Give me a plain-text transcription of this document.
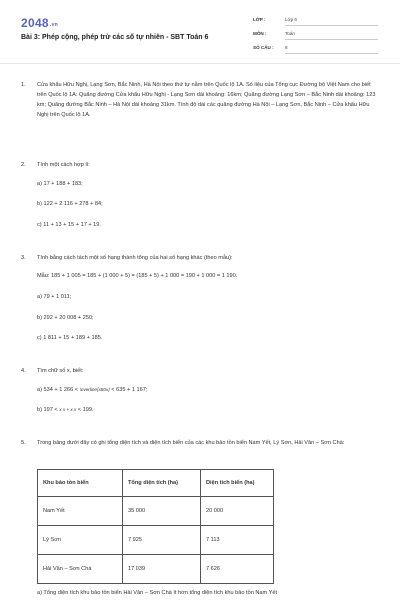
$2048^{.vn}$
Bài 3: Phép cộng, phép trừ các số tự nhiên - SBT Toán 6
LỚP :	Lớp 6
MÔN :	Toán
SỐ CÂU : 8
1. Cửa khẩu Hữu Nghị, Lạng Sơn, Bắc Ninh, Hà Nội theo thứ tự nằm trên Quốc lộ 1A. Số liệu của Tổng cục Đường bộ Việt Nam cho biết trên Quốc lộ 1A: Quãng đường Cửa khẩu Hữu Nghị - Lạng Sơn dài khoảng: 16km; Quãng đường Lạng Sơn – Bắc Ninh dài khoảng: 123 km; Quãng đường Bắc Ninh – Hà Nội dài khoảng 31km. Tính độ dài các quãng đường Hà Nội – Lạng Sơn, Bắc Ninh – Cửa khẩu Hữu Nghị trên Quốc lộ 1A.
2. Tính một cách hợp lí:
a) 17 + 188 + 183;
b) 122 + 2 116 + 278 + 84;
c) 11 + 13 + 15 + 17 + 19.
3. Tính bằng cách tách một số hạng thành tổng của hai số hạng khác (theo mẫu):
Mẫu: 185 + 1 005 = 185 + (1 000 + 5) = (185 + 5) + 1 000 = 190 + 1 000 = 1 190.
a) 79 + 1 011;
b) 292 + 20 008 + 250;
c) 1 811 + 15 + 189 + 185.
4. Tìm chữ số x, biết:
a) 534 + 1 266 < \overline{x80x} < 635 + 1 167;
b) 197 < x x + x x < 199.
5. Trong bảng dưới đây có ghi tổng diện tích và diện tích biển của các khu bảo tồn biển Nam Yết, Lý Sơn, Hải Vân – Sơn Chà:
Khu bảo tồn biển	Tổng diện tích (ha)	Diện tích biển (ha)
Nam Yết	35 000	20 000
Lý Sơn	7 925	7 113
Hải Vân – Sơn Chà	17 039	7 626
a) Tổng diện tích khu bảo tồn biển Hải Vân – Sơn Chà ít hơn tổng diện tích khu bảo tồn Nam Yết
